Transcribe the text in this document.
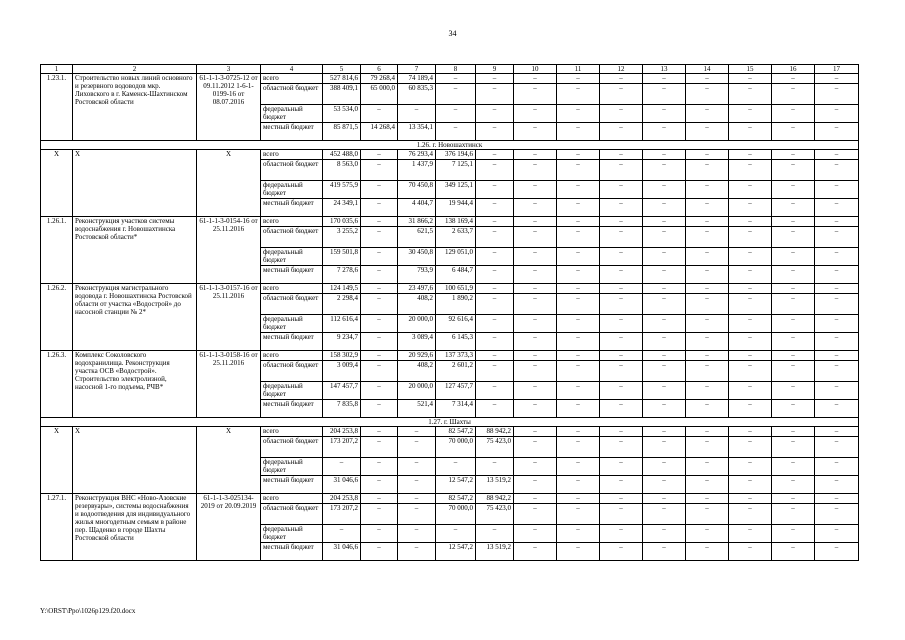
34
1	2	3	4	5	6	7	8	9	10	11	12	13	14	15	16	17
1.23.1.	Строительство новых линий основного и резервного водоводов мкр. Лиховского в г. Каменск-Шахтинском Ростовской области	61-1-1-3-0725-12 от 09.11.2012 1-6-1-0199-16 от 08.07.2016	всего	527 814,6	79 268,4	74 189,4	–	–	–	–	–	–	–	–	–	–
			областной бюджет	388 409,1	65 000,0	60 835,3	–	–	–	–	–	–	–	–	–	–
			федеральный бюджет	53 534,0	–	–	–	–	–	–	–	–	–	–	–	–
			местный бюджет	85 871,5	14 268,4	13 354,1	–	–	–	–	–	–	–	–	–	–
1.26. г. Новошахтинск																
Х	Х	Х	всего	452 488,0	–	76 293,4	376 194,6	–	–	–	–	–	–	–	–	–
			областной бюджет	8 563,0	–	1 437,9	7 125,1	–	–	–	–	–	–	–	–	–
			федеральный бюджет	419 575,9	–	70 450,8	349 125,1	–	–	–	–	–	–	–	–	–
			местный бюджет	24 349,1	–	4 404,7	19 944,4	–	–	–	–	–	–	–	–	–
1.26.1.	Реконструкция участков системы водоснабжения г. Новошахтинска Ростовской области*	61-1-1-3-0154-16 от 25.11.2016	всего	170 035,6	–	31 866,2	138 169,4	–	–	–	–	–	–	–	–	–
			областной бюджет	3 255,2	–	621,5	2 633,7	–	–	–	–	–	–	–	–	–
			федеральный бюджет	159 501,8	–	30 450,8	129 051,0	–	–	–	–	–	–	–	–	–
			местный бюджет	7 278,6	–	793,9	6 484,7	–	–	–	–	–	–	–	–	–
1.26.2.	Реконструкция магистрального водовода г. Новошахтинска Ростовской области от участка «Водострой» до насосной станции № 2*	61-1-1-3-0157-16 от 25.11.2016	всего	124 149,5	–	23 497,6	100 651,9	–	–	–	–	–	–	–	–	–
			областной бюджет	2 298,4	–	408,2	1 890,2	–	–	–	–	–	–	–	–	–
			федеральный бюджет	112 616,4	–	20 000,0	92 616,4	–	–	–	–	–	–	–	–	–
			местный бюджет	9 234,7	–	3 089,4	6 145,3	–	–	–	–	–	–	–	–	–
1.26.3.	Комплекс Соколовского водохранилища. Реконструкция участка ОСВ «Водострой». Строительство электролизной, насосной 1-го подъема, РЧВ*	61-1-1-3-0158-16 от 25.11.2016	всего	158 302,9	–	20 929,6	137 373,3	–	–	–	–	–	–	–	–	–
			областной бюджет	3 009,4	–	408,2	2 601,2	–	–	–	–	–	–	–	–	–
			федеральный бюджет	147 457,7	–	20 000,0	127 457,7	–	–	–	–	–	–	–	–	–
			местный бюджет	7 835,8	–	521,4	7 314,4	–	–	–	–	–	–	–	–	–
1.27. г. Шахты																
Х	Х	Х	всего	204 253,8	–	–	82 547,2	88 942,2	–	–	–	–	–	–	–	–
			областной бюджет	173 207,2	–	–	70 000,0	75 423,0	–	–	–	–	–	–	–	–
			федеральный бюджет	–	–	–	–	–	–	–	–	–	–	–	–	–
			местный бюджет	31 046,6	–	–	12 547,2	13 519,2	–	–	–	–	–	–	–	–
1.27.1.	Реконструкция ВНС «Ново-Азовские резервуары», системы водоснабжения и водоотведения для индивидуального жилья многодетным семьям в районе пер. Щаденко в городе Шахты Ростовской области	61-1-1-3-025134-2019 от 20.09.2019	всего	204 253,8	–	–	82 547,2	88 942,2	–	–	–	–	–	–	–	–
			областной бюджет	173 207,2	–	–	70 000,0	75 423,0	–	–	–	–	–	–	–	–
			федеральный бюджет	–	–	–	–	–	–	–	–	–	–	–	–	–
			местный бюджет	31 046,6	–	–	12 547,2	13 519,2	–	–	–	–	–	–	–	–
Y:\ORST\Ppo\1026p129.f20.docx
